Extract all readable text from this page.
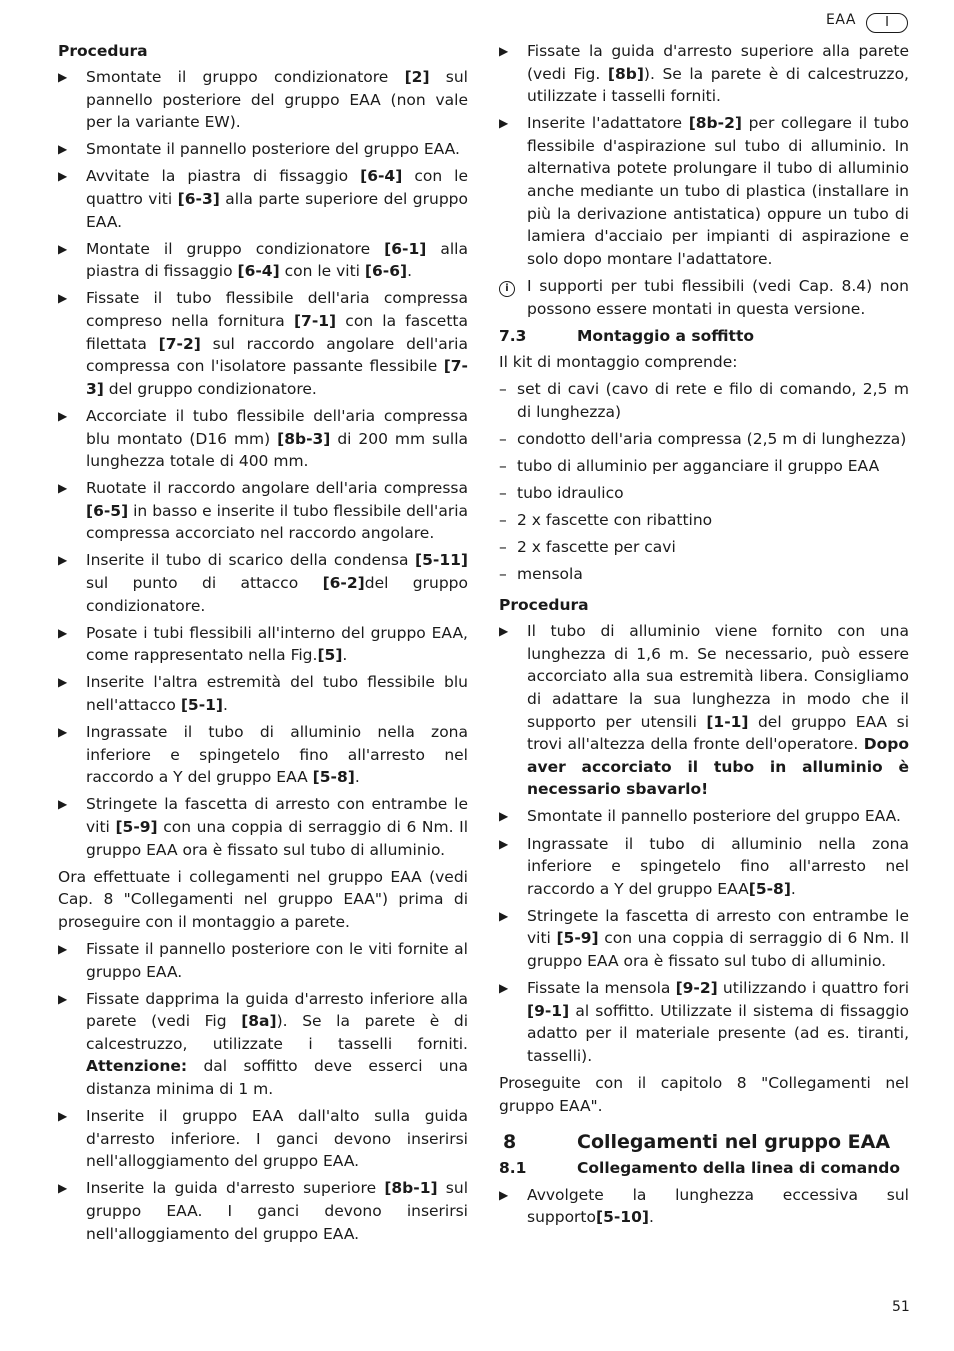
EAA	I
Procedura
▶	Smontate il gruppo condizionatore [2] sul pannello posteriore del gruppo EAA (non vale per la variante EW).
▶	Smontate il pannello posteriore del gruppo EAA.
▶	Avvitate la piastra di fissaggio [6-4] con le quattro viti [6-3] alla parte superiore del gruppo EAA.
▶	Montate il gruppo condizionatore [6-1] alla piastra di fissaggio [6-4] con le viti [6-6].
▶	Fissate il tubo flessibile dell'aria compressa compreso nella fornitura [7-1] con la fascetta filettata [7-2] sul raccordo angolare dell'aria compressa con l'isolatore passante flessibile [7-3] del gruppo condizionatore.
▶	Accorciate il tubo flessibile dell'aria compressa blu montato (D16 mm) [8b-3] di 200 mm sulla lunghezza totale di 400 mm.
▶	Ruotate il raccordo angolare dell'aria compressa [6-5] in basso e inserite il tubo flessibile dell'aria compressa accorciato nel raccordo angolare.
▶	Inserite il tubo di scarico della condensa [5-11] sul punto di attacco [6-2]del gruppo condizionatore.
▶	Posate i tubi flessibili all'interno del gruppo EAA, come rappresentato nella Fig.[5].
▶	Inserite l'altra estremità del tubo flessibile blu nell'attacco [5-1].
▶	Ingrassate il tubo di alluminio nella zona inferiore e spingetelo fino all'arresto nel raccordo a Y del gruppo EAA [5-8].
▶	Stringete la fascetta di arresto con entrambe le viti [5-9] con una coppia di serraggio di 6 Nm. Il gruppo EAA ora è fissato sul tubo di alluminio.
Ora effettuate i collegamenti nel gruppo EAA (vedi Cap. 8 "Collegamenti nel gruppo EAA") prima di proseguire con il montaggio a parete.
▶	Fissate il pannello posteriore con le viti fornite al gruppo EAA.
▶	Fissate dapprima la guida d'arresto inferiore alla parete (vedi Fig [8a]). Se la parete è di calcestruzzo, utilizzate i tasselli forniti. Attenzione: dal soffitto deve esserci una distanza minima di 1 m.
▶	Inserite il gruppo EAA dall'alto sulla guida d'arresto inferiore. I ganci devono inserirsi nell'alloggiamento del gruppo EAA.
▶	Inserite la guida d'arresto superiore [8b-1] sul gruppo EAA. I ganci devono inserirsi nell'alloggiamento del gruppo EAA.
▶	Fissate la guida d'arresto superiore alla parete (vedi Fig. [8b]). Se la parete è di calcestruzzo, utilizzate i tasselli forniti.
▶	Inserite l'adattatore [8b-2] per collegare il tubo flessibile d'aspirazione sul tubo di alluminio. In alternativa potete prolungare il tubo di alluminio anche mediante un tubo di plastica (installare in più la derivazione antistatica) oppure un tubo di lamiera d'acciaio per impianti di aspirazione e solo dopo montare l'adattatore.
i	I supporti per tubi flessibili (vedi Cap. 8.4) non possono essere montati in questa versione.
7.3	Montaggio a soffitto
Il kit di montaggio comprende:
– set di cavi (cavo di rete e filo di comando, 2,5 m di lunghezza)
– condotto dell'aria compressa (2,5 m di lunghezza)
– tubo di alluminio per agganciare il gruppo EAA
– tubo idraulico
– 2 x fascette con ribattino
– 2 x fascette per cavi
– mensola
Procedura
▶	Il tubo di alluminio viene fornito con una lunghezza di 1,6 m. Se necessario, può essere accorciato alla sua estremità libera. Consigliamo di adattare la sua lunghezza in modo che il supporto per utensili [1-1] del gruppo EAA si trovi all'altezza della fronte dell'operatore. Dopo aver accorciato il tubo in alluminio è necessario sbavarlo!
▶	Smontate il pannello posteriore del gruppo EAA.
▶	Ingrassate il tubo di alluminio nella zona inferiore e spingetelo fino all'arresto nel raccordo a Y del gruppo EAA[5-8].
▶	Stringete la fascetta di arresto con entrambe le viti [5-9] con una coppia di serraggio di 6 Nm. Il gruppo EAA ora è fissato sul tubo di alluminio.
▶	Fissate la mensola [9-2] utilizzando i quattro fori [9-1] al soffitto. Utilizzate il sistema di fissaggio adatto per il materiale presente (ad es. tiranti, tasselli).
Proseguite con il capitolo 8 "Collegamenti nel gruppo EAA".
8	Collegamenti nel gruppo EAA
8.1	Collegamento della linea di comando
▶	Avvolgete la lunghezza eccessiva sul supporto[5-10].
51
